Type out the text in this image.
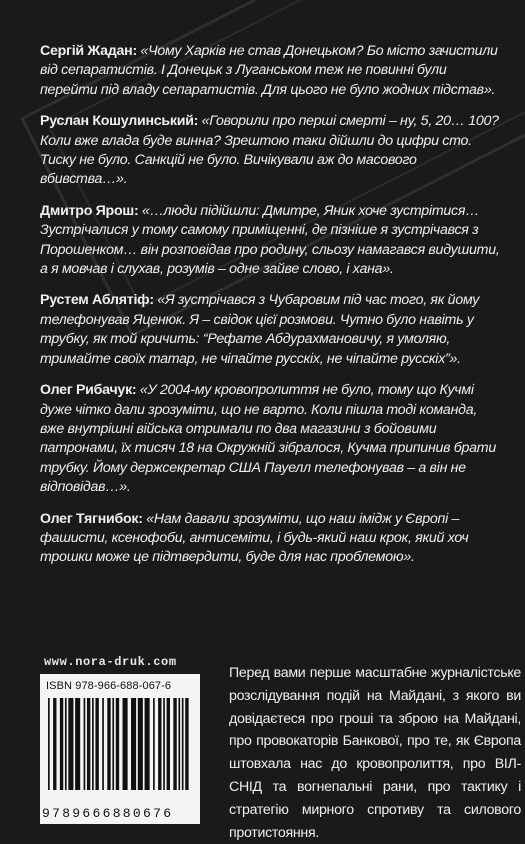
Сергій Жадан: «Чому Харків не став Донецьком? Бо місто зачистили від сепаратистів. І Донецьк з Луганськом теж не повинні були перейти під владу сепаратистів. Для цього не було жодних підстав».

Руслан Кошулинський: «Говорили про перші смерті – ну, 5, 20… 100? Коли вже влада буде винна? Зрештою таки дійшли до цифри сто. Тиску не було. Санкцій не було. Вичікували аж до масового вбивства…».

Дмитро Ярош: «…люди підійшли: Дмитре, Яник хоче зустрітися… Зустрічалися у тому самому приміщенні, де пізніше я зустрічався з Порошенком… він розповідав про родину, сльозу намагався видушити, а я мовчав і слухав, розумів – одне зайве слово, і хана».

Рустем Аблятіф: «Я зустрічався з Чубаровим під час того, як йому телефонував Яценюк. Я – свідок цієї розмови. Чутно було навіть у трубку, як той кричить: “Рефате Абдурахмановичу, я умоляю, тримайте своїх татар, не чіпайте русскіх, не чіпайте русскіх”».

Олег Рибачук: «У 2004-му кровопролиття не було, тому що Кучмі дуже чітко дали зрозуміти, що не варто. Коли пішла тоді команда, вже внутрішні війська отримали по два магазини з бойовими патронами, їх тисяч 18 на Окружній зібралося, Кучма припинив брати трубку. Йому держсекретар США Пауелл телефонував – а він не відповідав…».

Олег Тягнибок: «Нам давали зрозуміти, що наш імідж у Європі – фашисти, ксенофоби, антисеміти, і будь-який наш крок, який хоч трошки може це підтвердити, буде для нас проблемою».

www.nora-druk.com
ISBN 978-966-688-067-6
9789666880676
Перед вами перше масштабне журналістське розслідування подій на Майдані, з якого ви довідаєтеся про гроші та зброю на Майдані, про провокаторів Банкової, про те, як Європа штовхала нас до кровопролиття, про ВІЛ-СНІД та вогнепальні рани, про тактику і стратегію мирного спротиву та силового протистояння.
